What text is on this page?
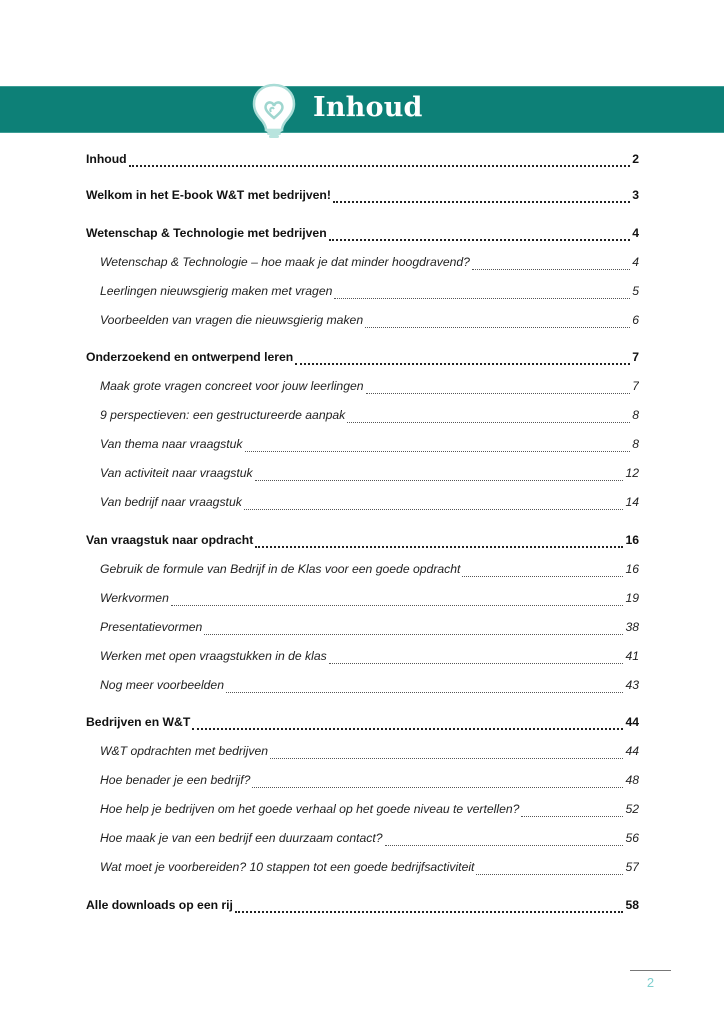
Inhoud
Inhoud	2
Welkom in het E-book W&T met bedrijven!	3
Wetenschap & Technologie met bedrijven	4
Wetenschap & Technologie – hoe maak je dat minder hoogdravend?	4
Leerlingen nieuwsgierig maken met vragen	5
Voorbeelden van vragen die nieuwsgierig maken	6
Onderzoekend en ontwerpend leren	7
Maak grote vragen concreet voor jouw leerlingen	7
9 perspectieven: een gestructureerde aanpak	8
Van thema naar vraagstuk	8
Van activiteit naar vraagstuk	12
Van bedrijf naar vraagstuk	14
Van vraagstuk naar opdracht	16
Gebruik de formule van Bedrijf in de Klas voor een goede opdracht	16
Werkvormen	19
Presentatievormen	38
Werken met open vraagstukken in de klas	41
Nog meer voorbeelden	43
Bedrijven en W&T	44
W&T opdrachten met bedrijven	44
Hoe benader je een bedrijf?	48
Hoe help je bedrijven om het goede verhaal op het goede niveau te vertellen?	52
Hoe maak je van een bedrijf een duurzaam contact?	56
Wat moet je voorbereiden? 10 stappen tot een goede bedrijfsactiviteit	57
Alle downloads op een rij	58
2
